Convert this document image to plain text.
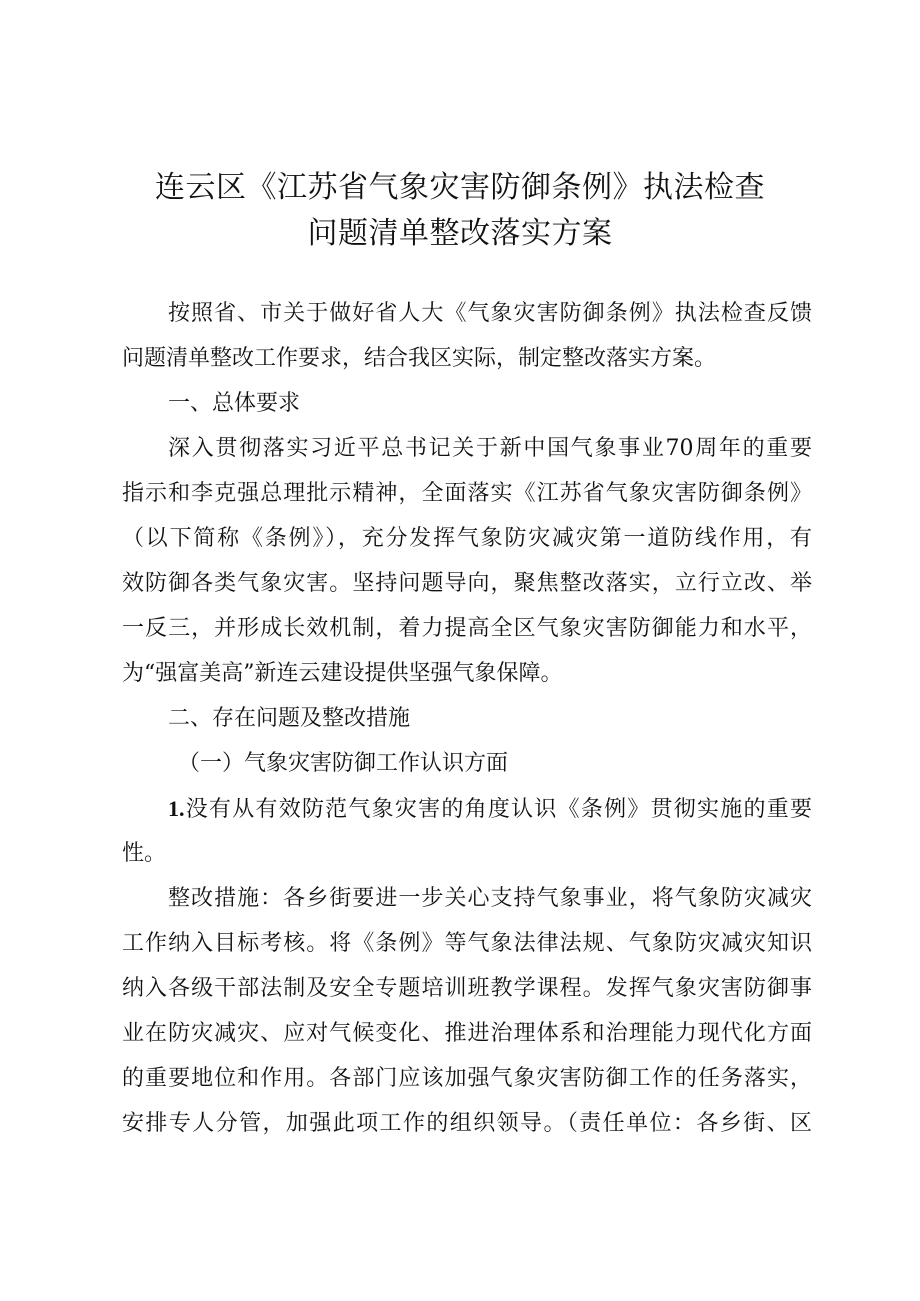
连云区《江苏省气象灾害防御条例》执法检查
问题清单整改落实方案
按照省、市关于做好省人大《气象灾害防御条例》执法检查反馈
问题清单整改工作要求，结合我区实际，制定整改落实方案。
一、总体要求
深入贯彻落实习近平总书记关于新中国气象事业70周年的重要
指示和李克强总理批示精神，全面落实《江苏省气象灾害防御条例》
（以下简称《条例》），充分发挥气象防灾减灾第一道防线作用，有
效防御各类气象灾害。坚持问题导向，聚焦整改落实，立行立改、举
一反三，并形成长效机制，着力提高全区气象灾害防御能力和水平，
为“强富美高”新连云建设提供坚强气象保障。
二、存在问题及整改措施
（一）气象灾害防御工作认识方面
1.没有从有效防范气象灾害的角度认识《条例》贯彻实施的重要
性。
整改措施：各乡街要进一步关心支持气象事业，将气象防灾减灾
工作纳入目标考核。将《条例》等气象法律法规、气象防灾减灾知识
纳入各级干部法制及安全专题培训班教学课程。发挥气象灾害防御事
业在防灾减灾、应对气候变化、推进治理体系和治理能力现代化方面
的重要地位和作用。各部门应该加强气象灾害防御工作的任务落实，
安排专人分管，加强此项工作的组织领导。（责任单位：各乡街、区
